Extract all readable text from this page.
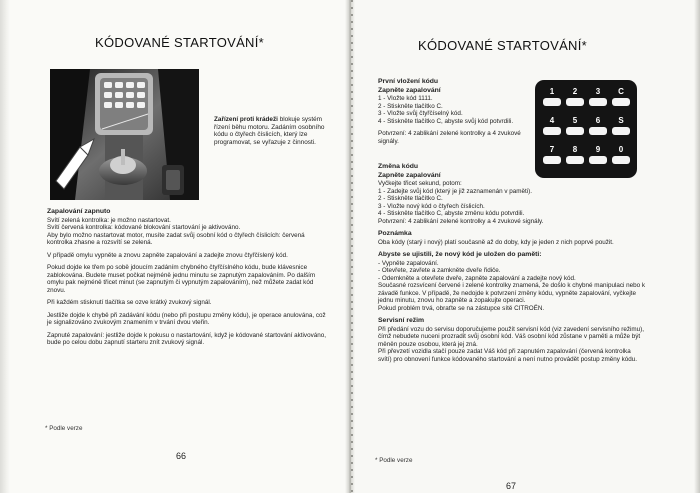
KÓDOVANÉ STARTOVÁNÍ*
Zařízení proti krádeži blokuje systém řízení běhu motoru. Zadáním osobního kódu o čtyřech číslicích, který lze programovat, se vyřazuje z činnosti.
Zapalování zapnuto
Svítí zelená kontrolka: je možno nastartovat.
Svítí červená kontrolka: kódované blokování startování je aktivováno.

Aby bylo možno nastartovat motor, musíte zadat svůj osobní kód o čtyřech číslicích: červená kontrolka zhasne a rozsvítí se zelená.

V případě omylu vypněte a znovu zapněte zapalování a zadejte znovu čtyřčíslený kód.

Pokud dojde ke třem po sobě jdoucím zadáním chybného čtyřčíslného kódu, bude klávesnice zablokována. Budete muset počkat nejméně jednu minutu se zapnutým zapalováním. Po dalším omylu pak nejméně třicet minut (se zapnutým či vypnutým zapalováním), než můžete zadat kód znovu.

Při každém stisknutí tlačítka se ozve krátký zvukový signál.

Jestliže dojde k chybě při zadávání kódu (nebo při postupu změny kódu), je operace anulována, což je signalizováno zvukovým znamením v trvání dvou vteřin.

Zapnuté zapalování: jestliže dojde k pokusu o nastartování, když je kódované startování aktivováno, bude po celou dobu zapnutí starteru znít zvukový signál.

* Podle verze
66
KÓDOVANÉ STARTOVÁNÍ*
1 2 3 C
4 5 6 S
7 8 9 0
První vložení kódu
Zapněte zapalování
1 - Vložte kód 1111.
2 - Stiskněte tlačítko C.
3 - Vložte svůj čtyřčíselný kód.

4 - Stiskněte tlačítko C, abyste svůj kód potvrdili.

Potvrzení: 4 zablikání zelené kontrolky a 4 zvukové signály.

Změna kódu
Zapněte zapalování
Vyčkejte třicet sekund, potom:
1 - Zadejte svůj kód (který je již zaznamenán v paměti).
2 - Stiskněte tlačítko C.
3 - Vložte nový kód o čtyřech číslicích.
4 - Stiskněte tlačítko C, abyste změnu kódu potvrdili.

Potvrzení: 4 zablikání zelené kontrolky a 4 zvukové signály.

Poznámka

Oba kódy (starý i nový) platí současně až do doby, kdy je jeden z nich poprvé použit.

Abyste se ujistili, že nový kód je uložen do paměti:
- Vypněte zapalování.
- Otevřete, zavřete a zamkněte dveře řidiče.
- Odemkněte a otevřete dveře, zapněte zapalování a zadejte nový kód.
Současné rozsvícení červené i zelené kontrolky znamená, že došlo k chybné manipulaci nebo k závadě funkce. V případě, že nedojde k potvrzení změny kódu, vypněte zapalování, vyčkejte jednu minutu, znovu ho zapněte a zopakujte operaci.

Pokud problém trvá, obraťte se na zástupce sítě CITROËN.

Servisní režim
Při předání vozu do servisu doporučujeme použít servisní kód (viz zavedení servisního režimu), čímž nebudete nuceni prozradit svůj osobní kód. Váš osobní kód zůstane v paměti a může být měněn pouze osobou, která jej zná.
Při převzetí vozidla stačí pouze zadat Váš kód při zapnutém zapalování (červená kontrolka svítí) pro obnovení funkce kódovaného startování a není nutno provádět postup změny kódu.
* Podle verze
67
